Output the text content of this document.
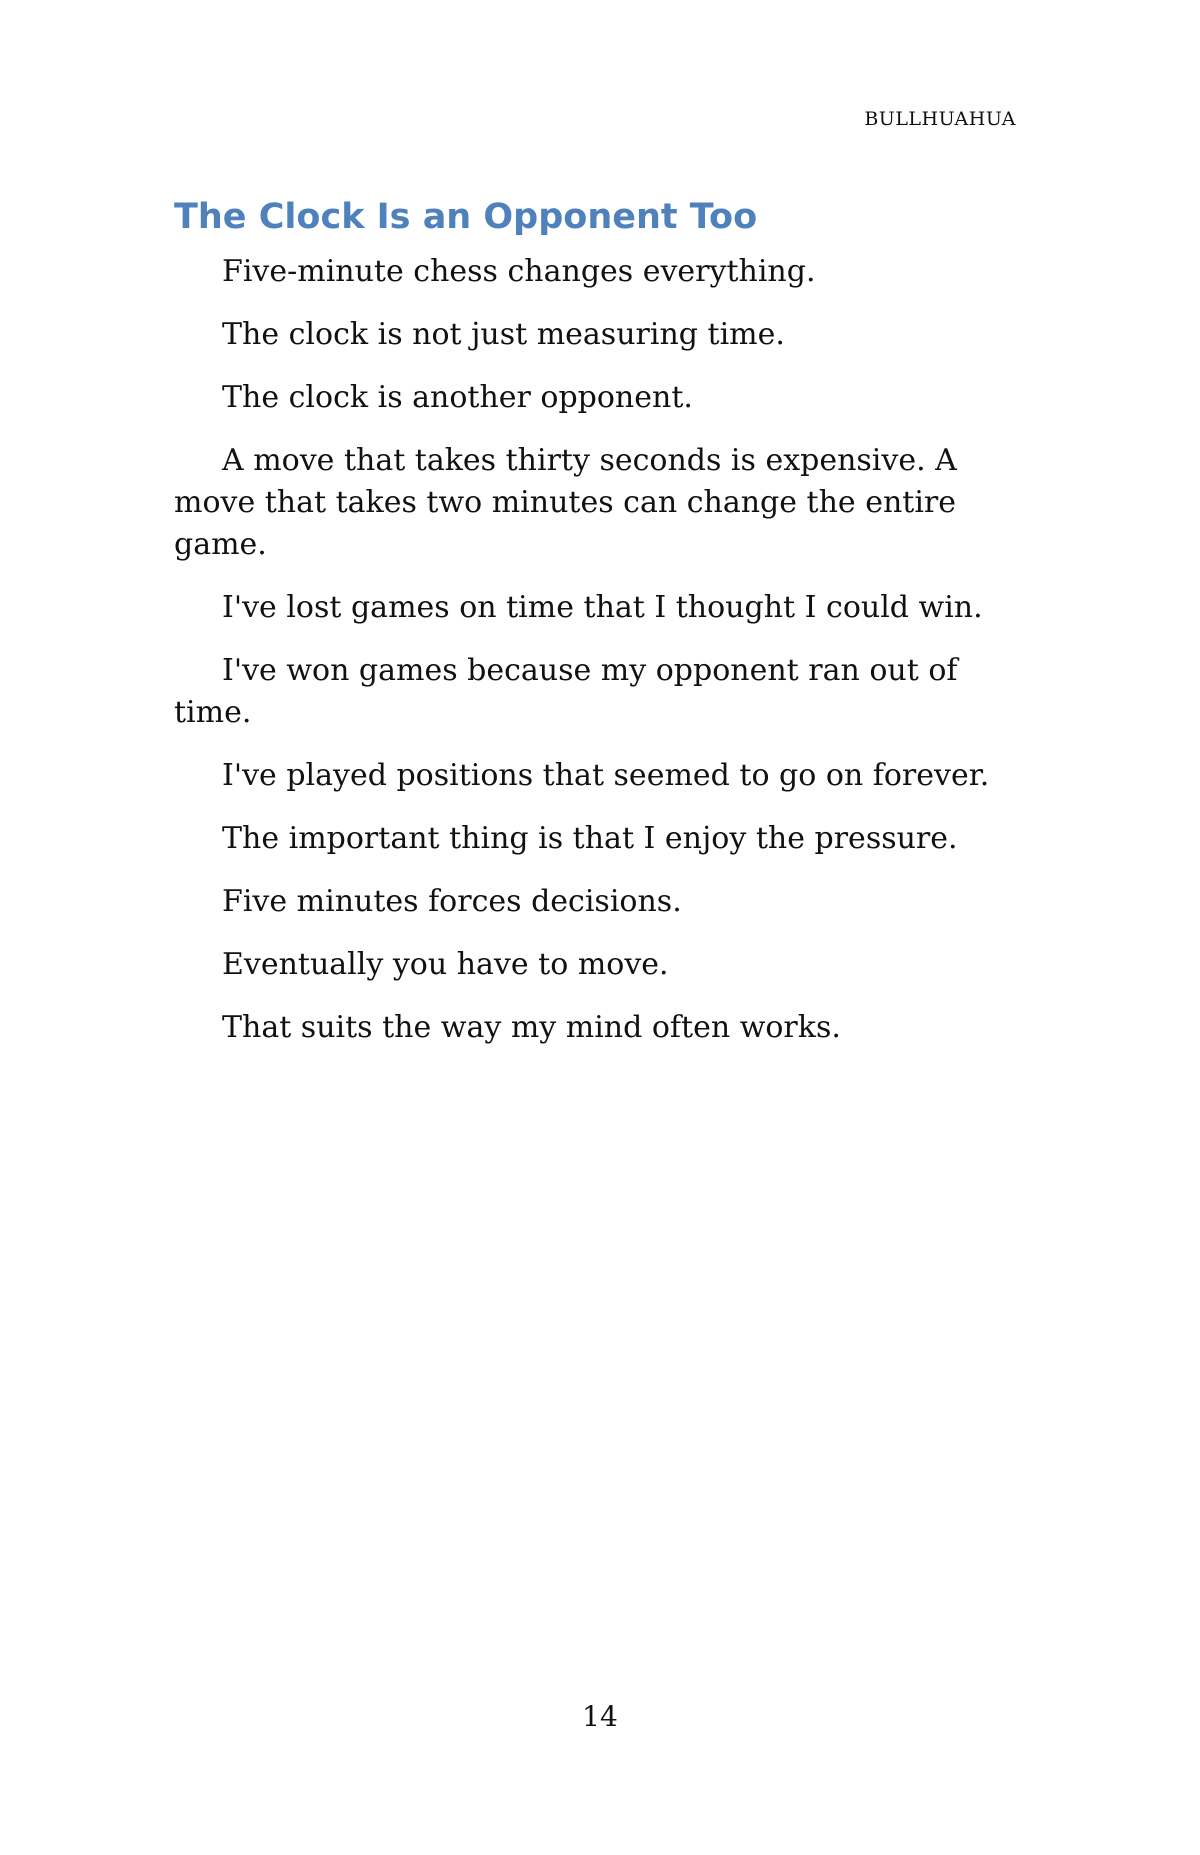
BULLHUAHUA
The Clock Is an Opponent Too

Five-minute chess changes everything.

The clock is not just measuring time.

The clock is another opponent.

A move that takes thirty seconds is expensive. A move that takes two minutes can change the entire game.

I've lost games on time that I thought I could win.

I've won games because my opponent ran out of time.

I've played positions that seemed to go on forever.

The important thing is that I enjoy the pressure.

Five minutes forces decisions.

Eventually you have to move.

That suits the way my mind often works.

14
